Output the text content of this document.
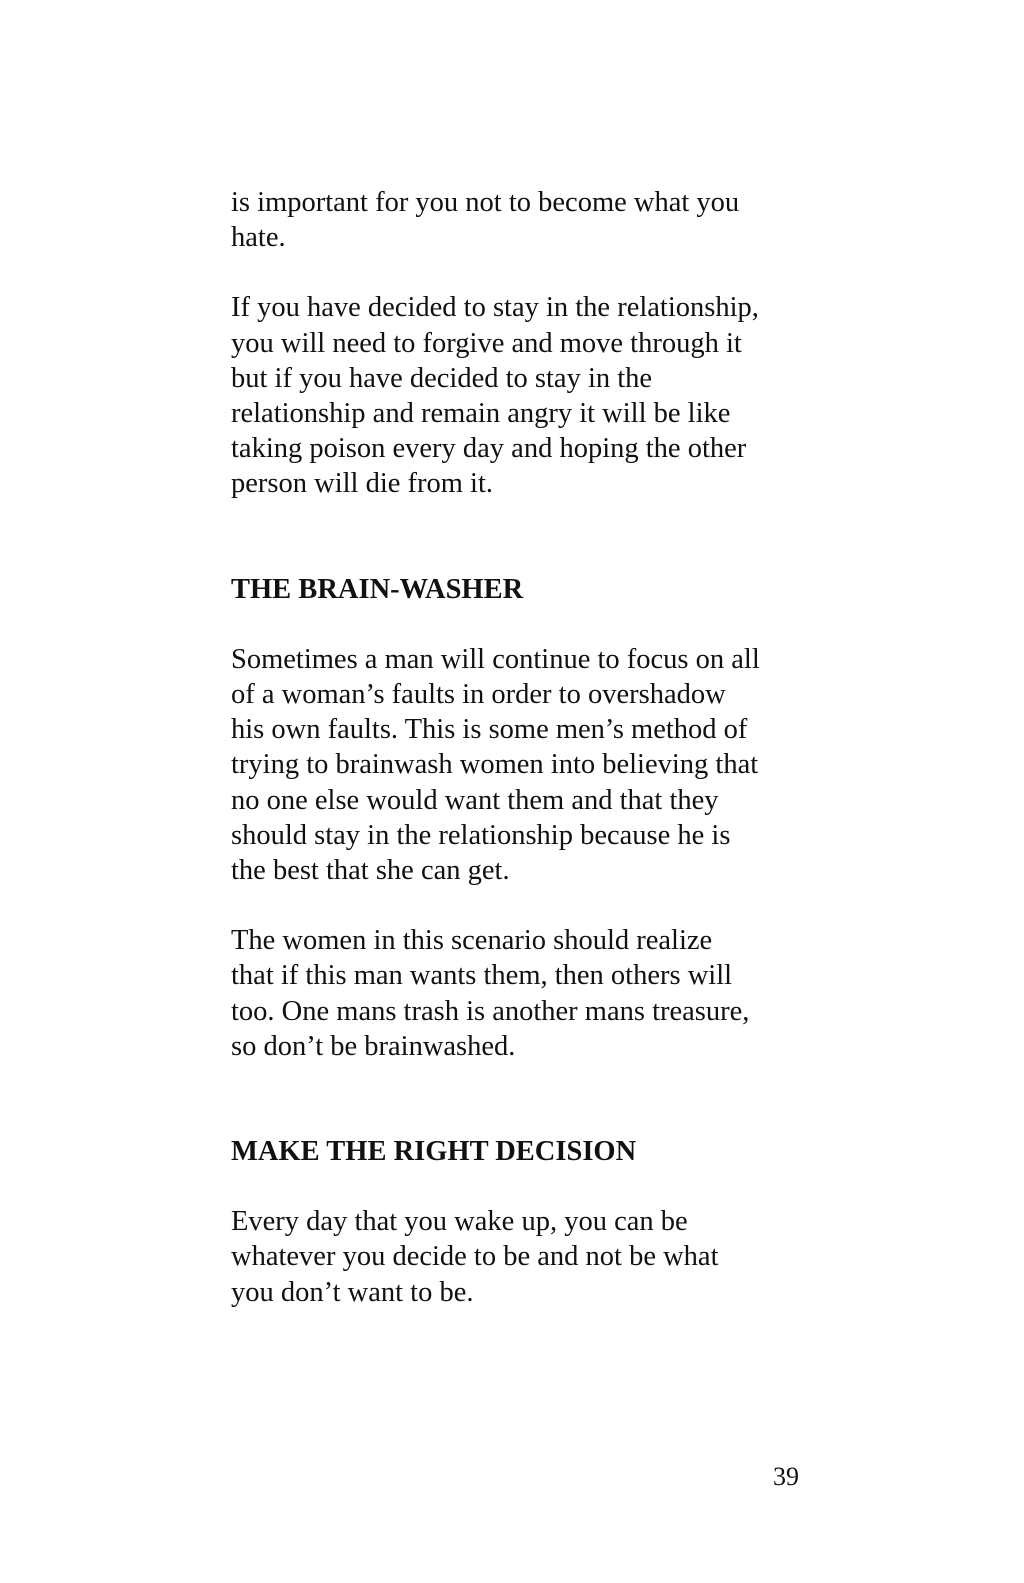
is important for you not to become what you
hate.
If you have decided to stay in the relationship,
you will need to forgive and move through it
but if you have decided to stay in the
relationship and remain angry it will be like
taking poison every day and hoping the other
person will die from it.
THE BRAIN-WASHER
Sometimes a man will continue to focus on all
of a woman’s faults in order to overshadow
his own faults. This is some men’s method of
trying to brainwash women into believing that
no one else would want them and that they
should stay in the relationship because he is
the best that she can get.
The women in this scenario should realize
that if this man wants them, then others will
too. One mans trash is another mans treasure,
so don’t be brainwashed.
MAKE THE RIGHT DECISION
Every day that you wake up, you can be
whatever you decide to be and not be what
you don’t want to be.
39
